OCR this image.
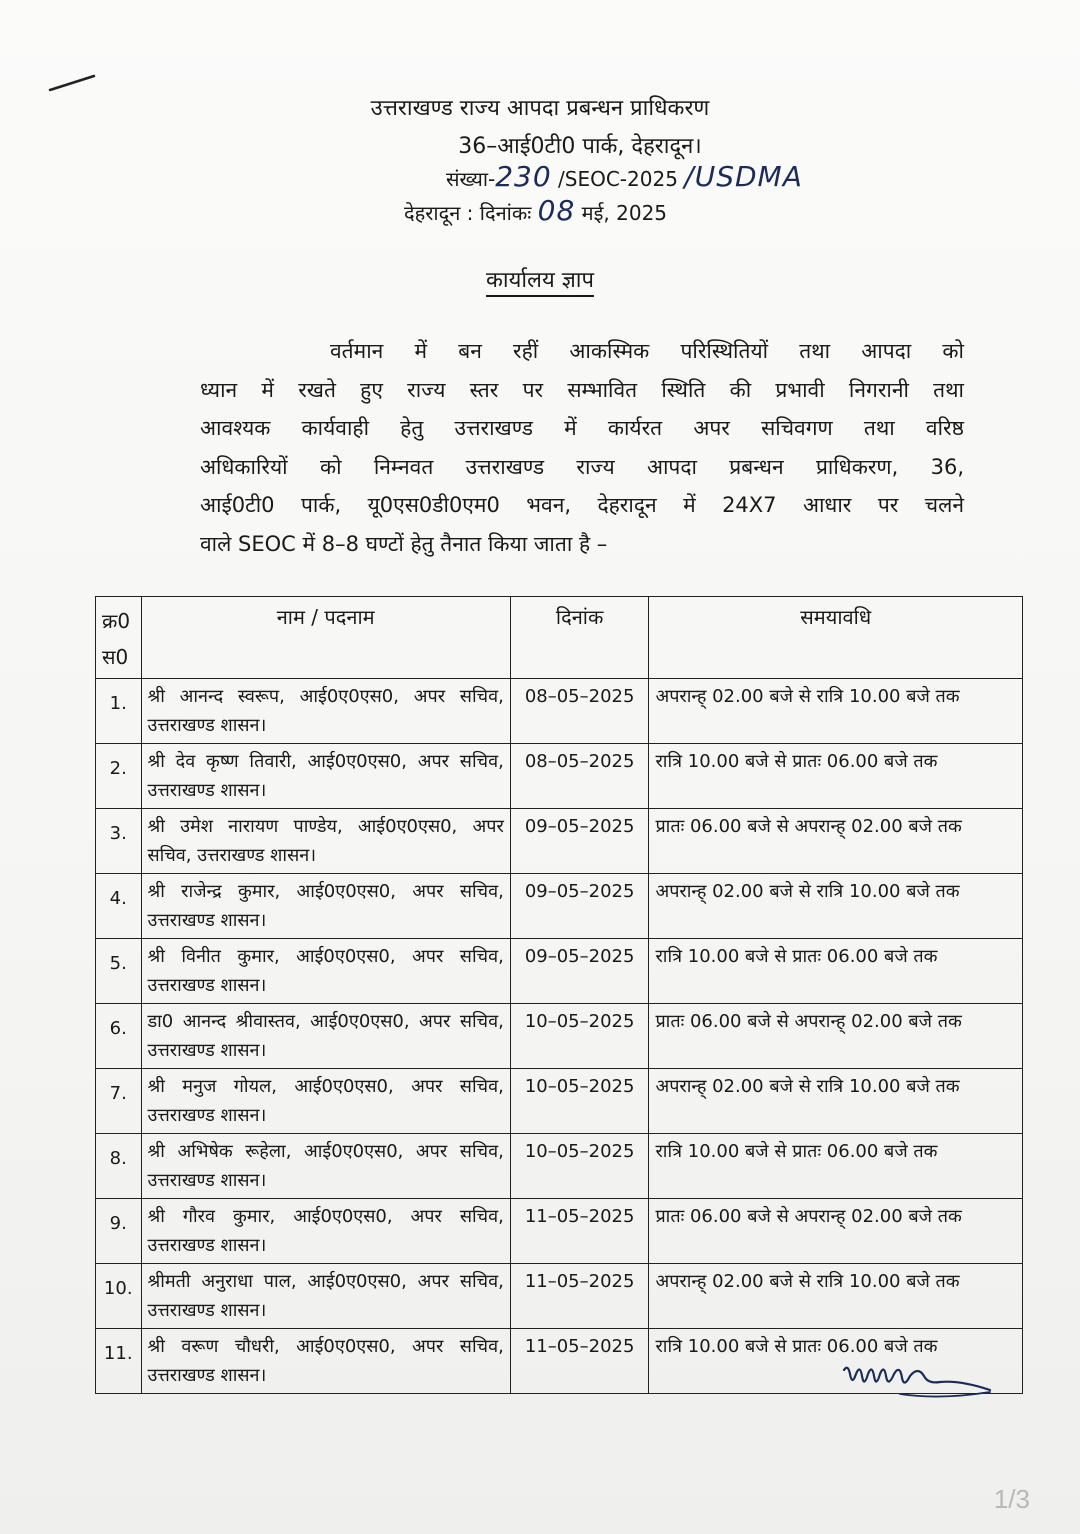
उत्तराखण्ड राज्य आपदा प्रबन्धन प्राधिकरण
36–आई0टी0 पार्क, देहरादून।
संख्या-230 /SEOC-2025 /USDMA
देहरादून : दिनांकः 08 मई, 2025
कार्यालय ज्ञाप
वर्तमान में बन रहीं आकस्मिक परिस्थितियों तथा आपदा को
ध्यान में रखते हुए राज्य स्तर पर सम्भावित स्थिति की प्रभावी निगरानी तथा
आवश्यक कार्यवाही हेतु उत्तराखण्ड में कार्यरत अपर सचिवगण तथा वरिष्ठ
अधिकारियों को निम्नवत उत्तराखण्ड राज्य आपदा प्रबन्धन प्राधिकरण, 36,
आई0टी0 पार्क, यू0एस0डी0एम0 भवन, देहरादून में 24X7 आधार पर चलने
वाले SEOC में 8–8 घण्टों हेतु तैनात किया जाता है –
क्र0 स0	नाम / पदनाम	दिनांक	समयावधि
1.	श्री आनन्द स्वरूप, आई0ए0एस0, अपर सचिव, उत्तराखण्ड शासन।	08–05–2025	अपरान्ह् 02.00 बजे से रात्रि 10.00 बजे तक
2.	श्री देव कृष्ण तिवारी, आई0ए0एस0, अपर सचिव, उत्तराखण्ड शासन।	08–05–2025	रात्रि 10.00 बजे से प्रातः 06.00 बजे तक
3.	श्री उमेश नारायण पाण्डेय, आई0ए0एस0, अपर सचिव, उत्तराखण्ड शासन।	09–05–2025	प्रातः 06.00 बजे से अपरान्ह् 02.00 बजे तक
4.	श्री राजेन्द्र कुमार, आई0ए0एस0, अपर सचिव, उत्तराखण्ड शासन।	09–05–2025	अपरान्ह् 02.00 बजे से रात्रि 10.00 बजे तक
5.	श्री विनीत कुमार, आई0ए0एस0, अपर सचिव, उत्तराखण्ड शासन।	09–05–2025	रात्रि 10.00 बजे से प्रातः 06.00 बजे तक
6.	डा0 आनन्द श्रीवास्तव, आई0ए0एस0, अपर सचिव, उत्तराखण्ड शासन।	10–05–2025	प्रातः 06.00 बजे से अपरान्ह् 02.00 बजे तक
7.	श्री मनुज गोयल, आई0ए0एस0, अपर सचिव, उत्तराखण्ड शासन।	10–05–2025	अपरान्ह् 02.00 बजे से रात्रि 10.00 बजे तक
8.	श्री अभिषेक रूहेला, आई0ए0एस0, अपर सचिव, उत्तराखण्ड शासन।	10–05–2025	रात्रि 10.00 बजे से प्रातः 06.00 बजे तक
9.	श्री गौरव कुमार, आई0ए0एस0, अपर सचिव, उत्तराखण्ड शासन।	11–05–2025	प्रातः 06.00 बजे से अपरान्ह् 02.00 बजे तक
10.	श्रीमती अनुराधा पाल, आई0ए0एस0, अपर सचिव, उत्तराखण्ड शासन।	11–05–2025	अपरान्ह् 02.00 बजे से रात्रि 10.00 बजे तक
11.	श्री वरूण चौधरी, आई0ए0एस0, अपर सचिव, उत्तराखण्ड शासन।	11–05–2025	रात्रि 10.00 बजे से प्रातः 06.00 बजे तक
1/3
